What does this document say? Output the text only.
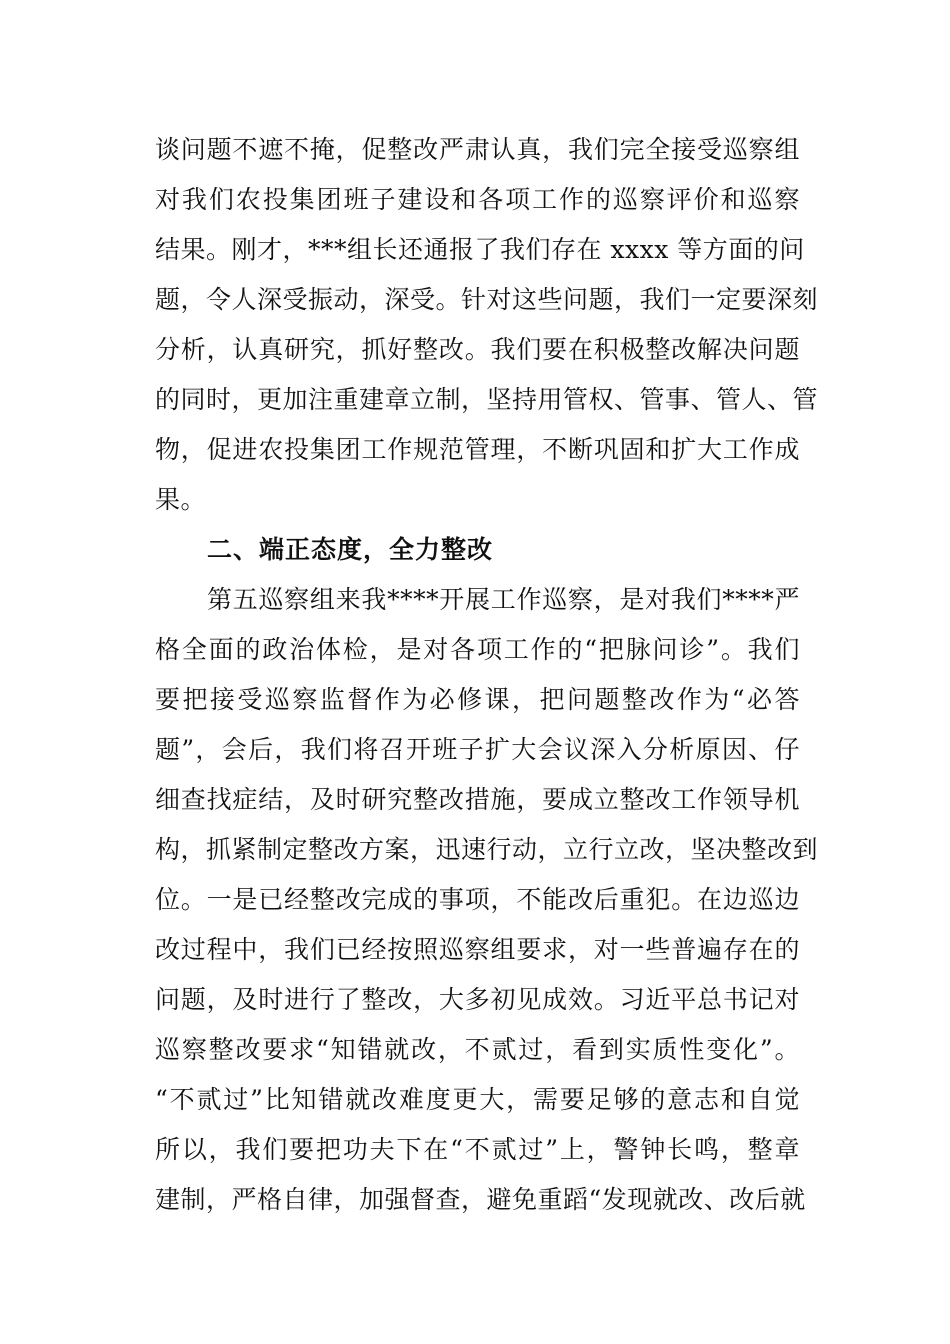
谈问题不遮不掩，促整改严肃认真，我们完全接受巡察组
对我们农投集团班子建设和各项工作的巡察评价和巡察
结果。刚才，***组长还通报了我们存在 xxxx 等方面的问
题，令人深受振动，深受。针对这些问题，我们一定要深刻
分析，认真研究，抓好整改。我们要在积极整改解决问题
的同时，更加注重建章立制，坚持用管权、管事、管人、管
物，促进农投集团工作规范管理，不断巩固和扩大工作成
果。
二、端正态度，全力整改
第五巡察组来我****开展工作巡察，是对我们****严
格全面的政治体检，是对各项工作的“把脉问诊”。我们
要把接受巡察监督作为必修课，把问题整改作为“必答
题”，会后，我们将召开班子扩大会议深入分析原因、仔
细查找症结，及时研究整改措施，要成立整改工作领导机
构，抓紧制定整改方案，迅速行动，立行立改，坚决整改到
位。一是已经整改完成的事项，不能改后重犯。在边巡边
改过程中，我们已经按照巡察组要求，对一些普遍存在的
问题，及时进行了整改，大多初见成效。习近平总书记对
巡察整改要求“知错就改，不贰过，看到实质性变化”。
“不贰过”比知错就改难度更大，需要足够的意志和自觉
所以，我们要把功夫下在“不贰过”上，警钟长鸣，整章
建制，严格自律，加强督查，避免重蹈“发现就改、改后就
